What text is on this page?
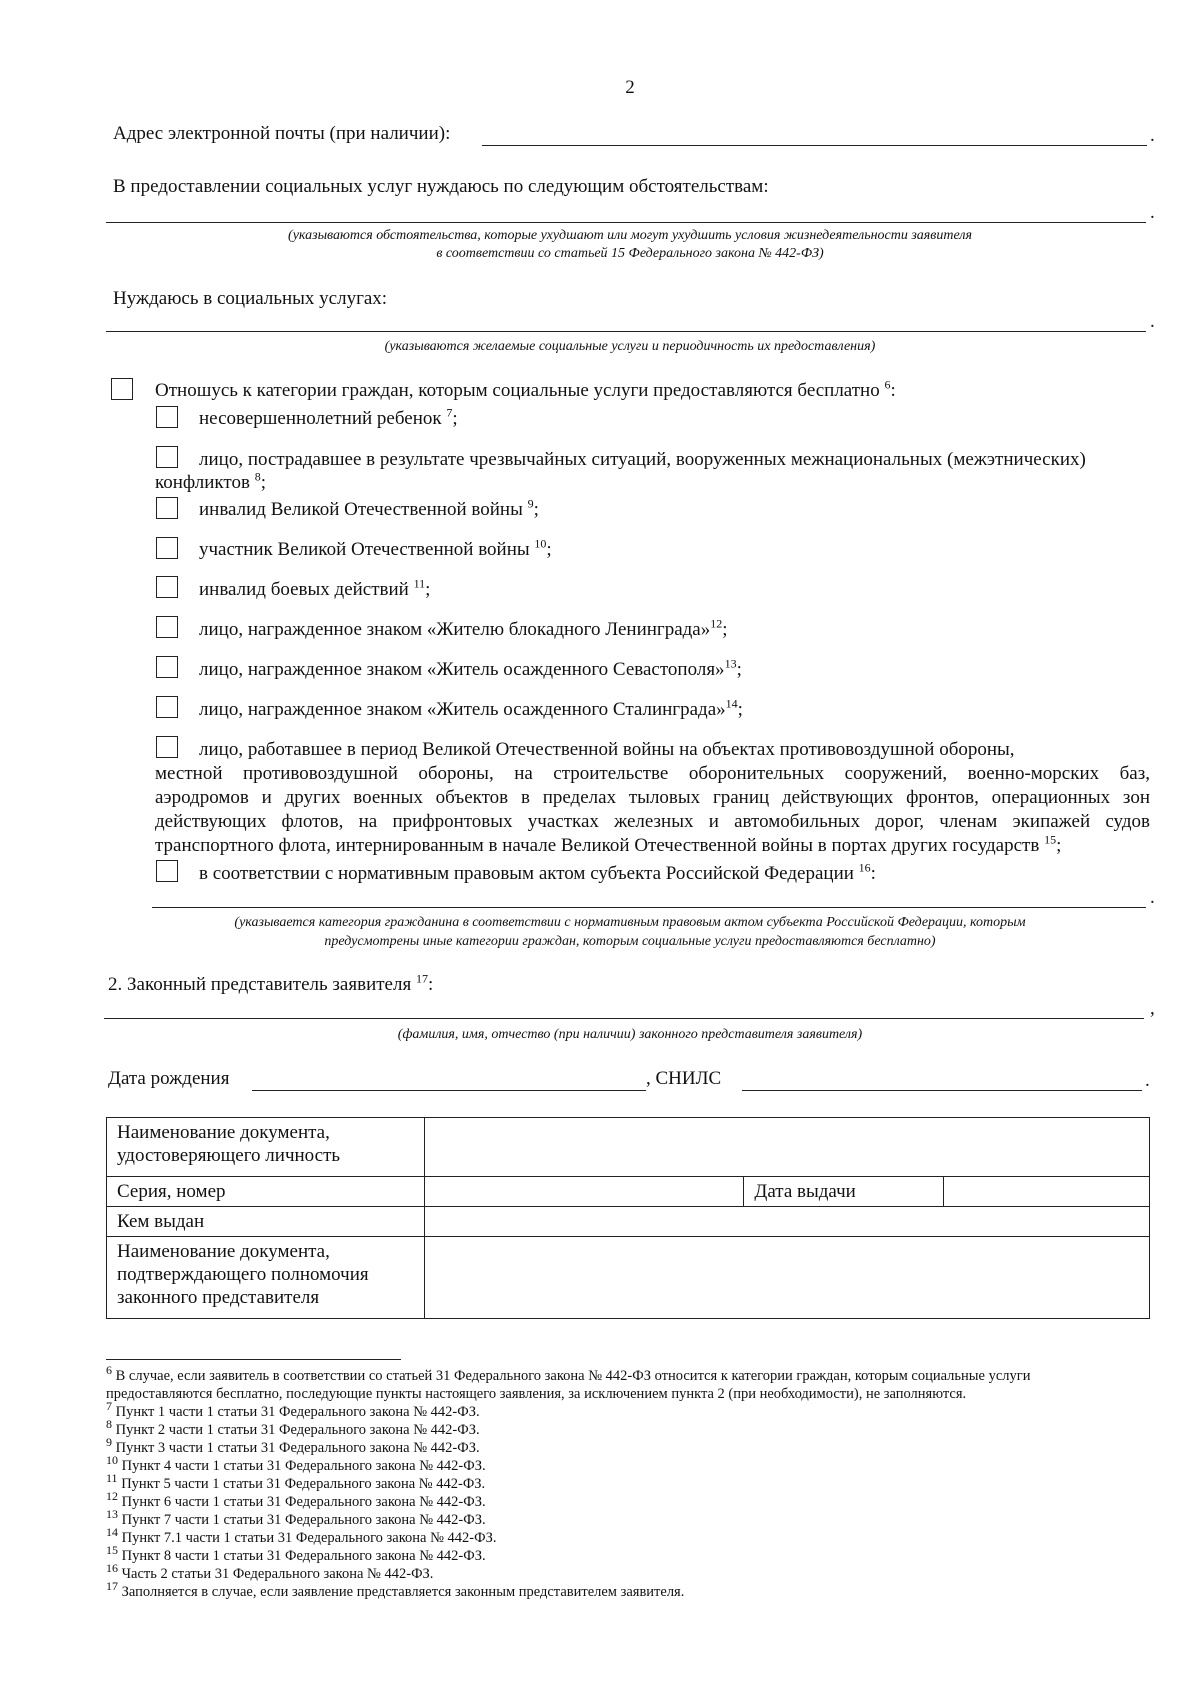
2
Адрес электронной почты (при наличии):	.
В предоставлении социальных услуг нуждаюсь по следующим обстоятельствам:
.
(указываются обстоятельства, которые ухудшают или могут ухудшить условия жизнедеятельности заявителя
в соответствии со статьей 15 Федерального закона № 442-ФЗ)
Нуждаюсь в социальных услугах:
.
(указываются желаемые социальные услуги и периодичность их предоставления)
Отношусь к категории граждан, которым социальные услуги предоставляются бесплатно $^6$:
несовершеннолетний ребенок $^7$;
лицо, пострадавшее в результате чрезвычайных ситуаций, вооруженных межнациональных (межэтнических)
конфликтов $^8$;
инвалид Великой Отечественной войны $^9$;
участник Великой Отечественной войны $^{10}$;
инвалид боевых действий $^{11}$;
лицо, награжденное знаком «Жителю блокадного Ленинграда»$^{12}$;
лицо, награжденное знаком «Житель осажденного Севастополя»$^{13}$;
лицо, награжденное знаком «Житель осажденного Сталинграда»$^{14}$;
лицо, работавшее в период Великой Отечественной войны на объектах противовоздушной обороны,
местной противовоздушной обороны, на строительстве оборонительных сооружений, военно-морских баз,
аэродромов и других военных объектов в пределах тыловых границ действующих фронтов, операционных зон
действующих флотов, на прифронтовых участках железных и автомобильных дорог, членам экипажей судов
транспортного флота, интернированным в начале Великой Отечественной войны в портах других государств $^{15}$;
в соответствии с нормативным правовым актом субъекта Российской Федерации $^{16}$:
.
(указывается категория гражданина в соответствии с нормативным правовым актом субъекта Российской Федерации, которым
предусмотрены иные категории граждан, которым социальные услуги предоставляются бесплатно)
2. Законный представитель заявителя $^{17}$:
,
(фамилия, имя, отчество (при наличии) законного представителя заявителя)
Дата рождения	, СНИЛС	.
Наименование документа,
удостоверяющего личность			

Серия, номер		Дата выдачи	
Кем выдан			

Наименование документа,
подтверждающего полномочия
законного представителя			

$^6$ В случае, если заявитель в соответствии со статьей 31 Федерального закона № 442-ФЗ относится к категории граждан, которым социальные услуги
предоставляются бесплатно, последующие пункты настоящего заявления, за исключением пункта 2 (при необходимости), не заполняются.
$^7$ Пункт 1 части 1 статьи 31 Федерального закона № 442-ФЗ.
$^8$ Пункт 2 части 1 статьи 31 Федерального закона № 442-ФЗ.
$^9$ Пункт 3 части 1 статьи 31 Федерального закона № 442-ФЗ.
$^{10}$ Пункт 4 части 1 статьи 31 Федерального закона № 442-ФЗ.
$^{11}$ Пункт 5 части 1 статьи 31 Федерального закона № 442-ФЗ.
$^{12}$ Пункт 6 части 1 статьи 31 Федерального закона № 442-ФЗ.
$^{13}$ Пункт 7 части 1 статьи 31 Федерального закона № 442-ФЗ.
$^{14}$ Пункт 7.1 части 1 статьи 31 Федерального закона № 442-ФЗ.
$^{15}$ Пункт 8 части 1 статьи 31 Федерального закона № 442-ФЗ.
$^{16}$ Часть 2 статьи 31 Федерального закона № 442-ФЗ.
$^{17}$ Заполняется в случае, если заявление представляется законным представителем заявителя.
